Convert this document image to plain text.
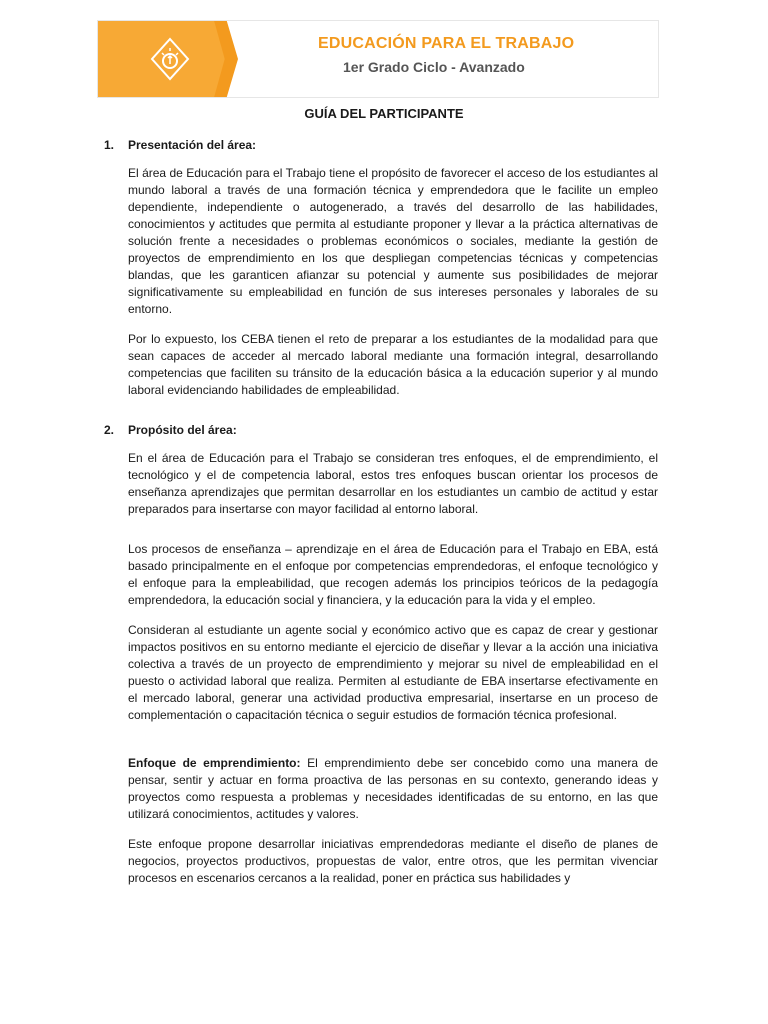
EDUCACIÓN PARA EL TRABAJO
1er Grado Ciclo - Avanzado
GUÍA DEL PARTICIPANTE
1.	Presentación del área:

El área de Educación para el Trabajo tiene el propósito de favorecer el acceso de los estudiantes al mundo laboral a través de una formación técnica y emprendedora que le facilite un empleo dependiente, independiente o autogenerado, a través del desarrollo de las habilidades, conocimientos y actitudes que permita al estudiante proponer y llevar a la práctica alternativas de solución frente a necesidades o problemas económicos o sociales, mediante la gestión de proyectos de emprendimiento en los que despliegan competencias técnicas y competencias blandas, que les garanticen afianzar su potencial y aumente sus posibilidades de mejorar significativamente su empleabilidad en función de sus intereses personales y laborales de su entorno.

Por lo expuesto, los CEBA tienen el reto de preparar a los estudiantes de la modalidad para que sean capaces de acceder al mercado laboral mediante una formación integral, desarrollando competencias que faciliten su tránsito de la educación básica a la educación superior y al mundo laboral evidenciando habilidades de empleabilidad.

2.	Propósito del área:

En el área de Educación para el Trabajo se consideran tres enfoques, el de emprendimiento, el tecnológico y el de competencia laboral, estos tres enfoques buscan orientar los procesos de enseñanza aprendizajes que permitan desarrollar en los estudiantes un cambio de actitud y estar preparados para insertarse con mayor facilidad al entorno laboral.

Los procesos de enseñanza – aprendizaje en el área de Educación para el Trabajo en EBA, está basado principalmente en el enfoque por competencias emprendedoras, el enfoque tecnológico y el enfoque para la empleabilidad, que recogen además los principios teóricos de la pedagogía emprendedora, la educación social y financiera, y la educación para la vida y el empleo.

Consideran al estudiante un agente social y económico activo que es capaz de crear y gestionar impactos positivos en su entorno mediante el ejercicio de diseñar y llevar a la acción una iniciativa colectiva a través de un proyecto de emprendimiento y mejorar su nivel de empleabilidad en el puesto o actividad laboral que realiza. Permiten al estudiante de EBA insertarse efectivamente en el mercado laboral, generar una actividad productiva empresarial, insertarse en un proceso de complementación o capacitación técnica o seguir estudios de formación técnica profesional.

Enfoque de emprendimiento: El emprendimiento debe ser concebido como una manera de pensar, sentir y actuar en forma proactiva de las personas en su contexto, generando ideas y proyectos como respuesta a problemas y necesidades identificadas de su entorno, en las que utilizará conocimientos, actitudes y valores.

Este enfoque propone desarrollar iniciativas emprendedoras mediante el diseño de planes de negocios, proyectos productivos, propuestas de valor, entre otros, que les permitan vivenciar procesos en escenarios cercanos a la realidad, poner en práctica sus habilidades y
